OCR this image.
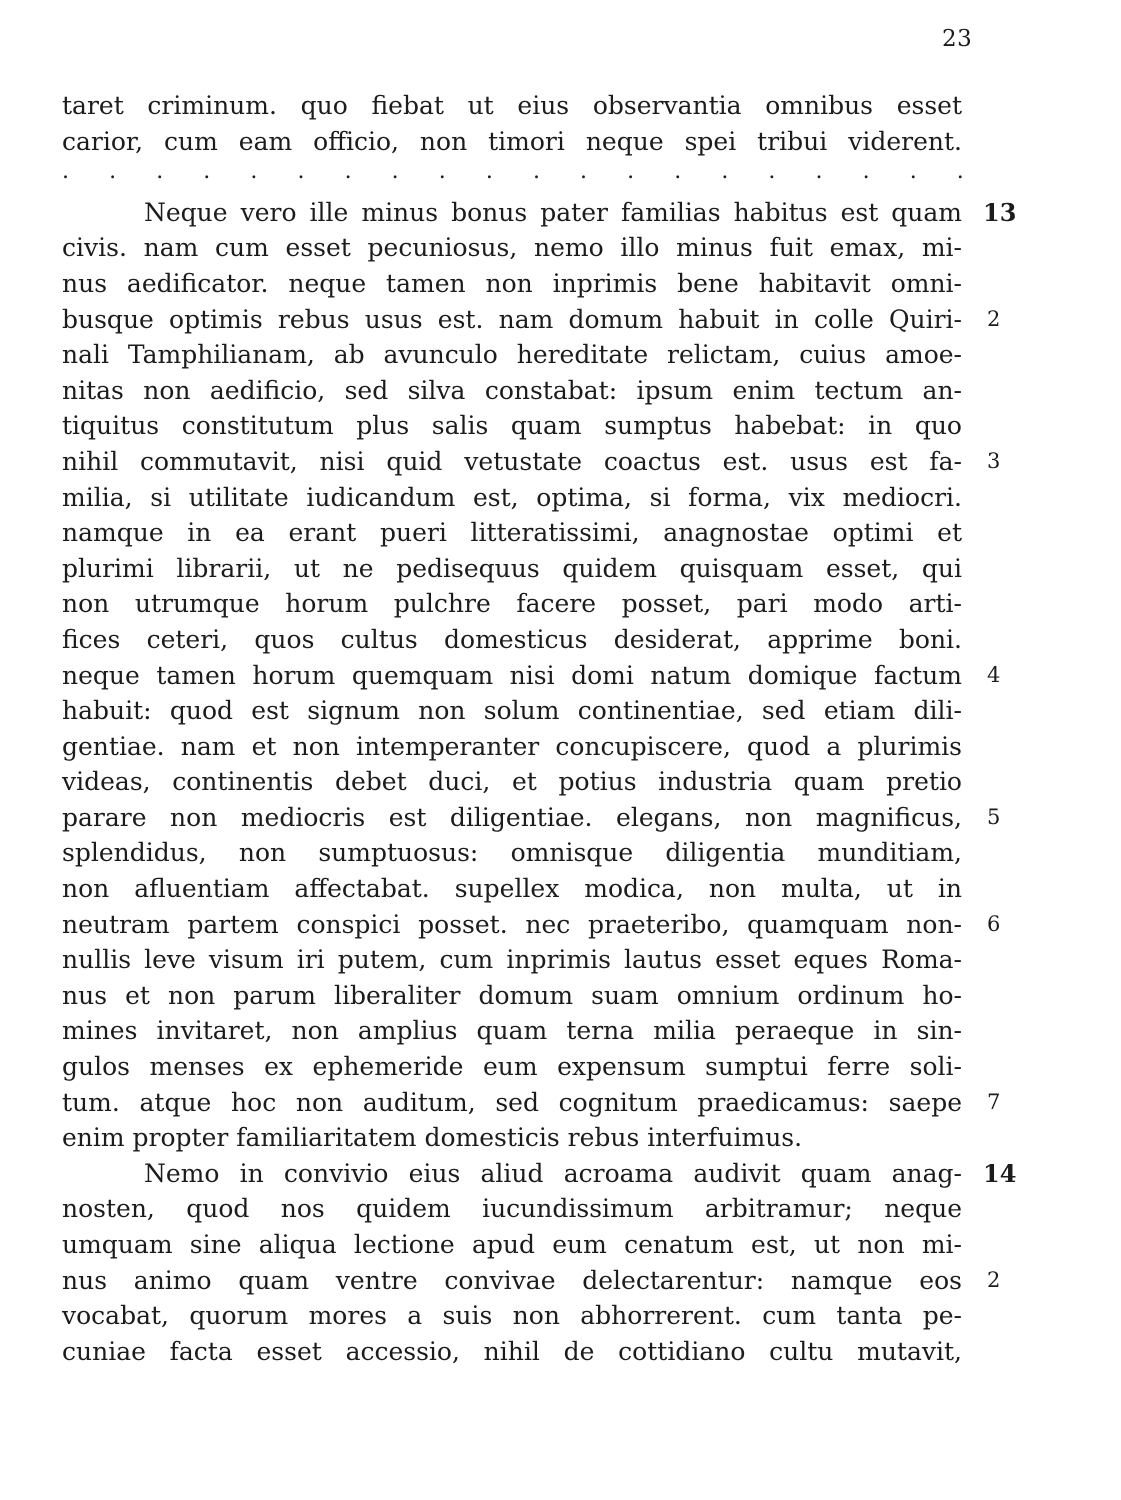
23
taret criminum. quo fiebat ut eius observantia omnibus esset
carior, cum eam officio, non timori neque spei tribui viderent.
. . . . . . . . . . . . . . . . . . . .
Neque vero ille minus bonus pater familias habitus est quam 13
civis. nam cum esset pecuniosus, nemo illo minus fuit emax, mi-
nus aedificator. neque tamen non inprimis bene habitavit omni-
busque optimis rebus usus est. nam domum habuit in colle Quiri- 2
nali Tamphilianam, ab avunculo hereditate relictam, cuius amoe-
nitas non aedificio, sed silva constabat: ipsum enim tectum an-
tiquitus constitutum plus salis quam sumptus habebat: in quo
nihil commutavit, nisi quid vetustate coactus est. usus est fa- 3
milia, si utilitate iudicandum est, optima, si forma, vix mediocri.
namque in ea erant pueri litteratissimi, anagnostae optimi et
plurimi librarii, ut ne pedisequus quidem quisquam esset, qui
non utrumque horum pulchre facere posset, pari modo arti-
fices ceteri, quos cultus domesticus desiderat, apprime boni.
neque tamen horum quemquam nisi domi natum domique factum 4
habuit: quod est signum non solum continentiae, sed etiam dili-
gentiae. nam et non intemperanter concupiscere, quod a plurimis
videas, continentis debet duci, et potius industria quam pretio
parare non mediocris est diligentiae. elegans, non magnificus, 5
splendidus, non sumptuosus: omnisque diligentia munditiam,
non afluentiam affectabat. supellex modica, non multa, ut in
neutram partem conspici posset. nec praeteribo, quamquam non- 6
nullis leve visum iri putem, cum inprimis lautus esset eques Roma-
nus et non parum liberaliter domum suam omnium ordinum ho-
mines invitaret, non amplius quam terna milia peraeque in sin-
gulos menses ex ephemeride eum expensum sumptui ferre soli-
tum. atque hoc non auditum, sed cognitum praedicamus: saepe 7
enim propter familiaritatem domesticis rebus interfuimus.
Nemo in convivio eius aliud acroama audivit quam anag- 14
nosten, quod nos quidem iucundissimum arbitramur; neque
umquam sine aliqua lectione apud eum cenatum est, ut non mi-
nus animo quam ventre convivae delectarentur: namque eos 2
vocabat, quorum mores a suis non abhorrerent. cum tanta pe-
cuniae facta esset accessio, nihil de cottidiano cultu mutavit,
